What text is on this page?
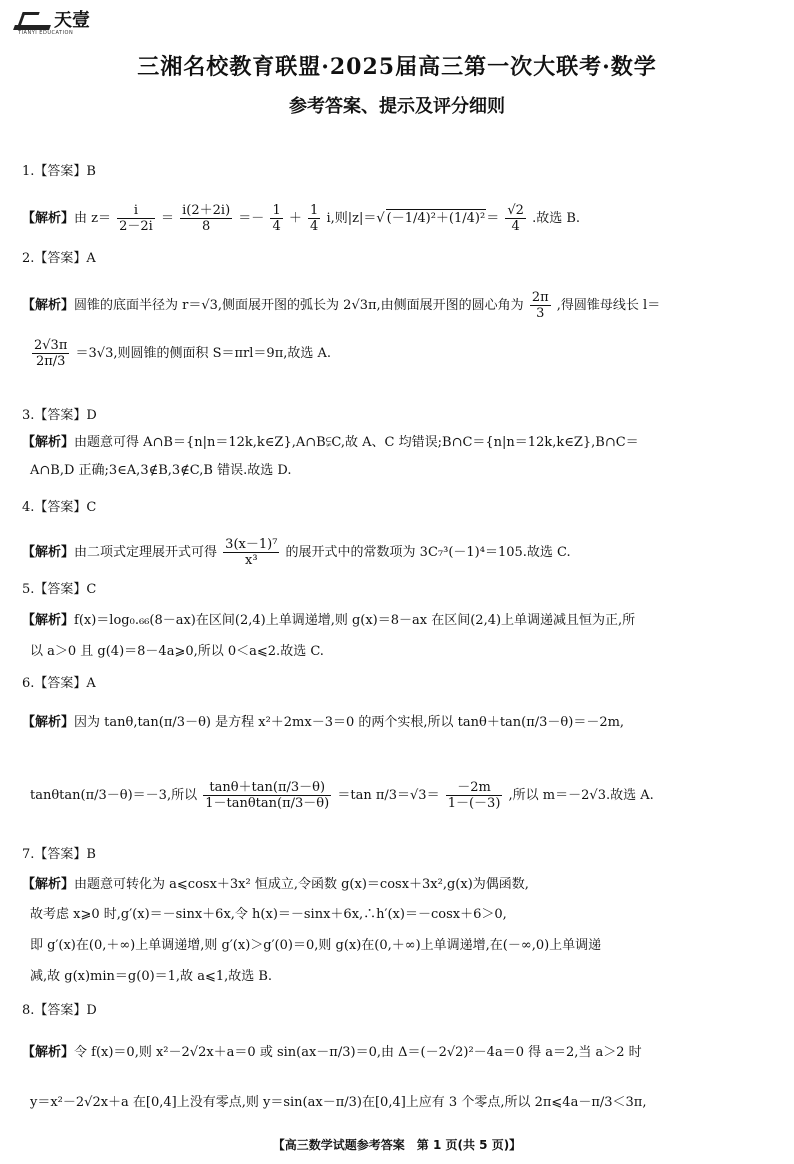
天壹
TIANYI EDUCATION
三湘名校教育联盟·2025届高三第一次大联考·数学
参考答案、提示及评分细则
1.【答案】B
【解析】由 $z= \frac{i}{2-2i} = \frac{i(2+2i)}{8} =- \frac{1}{4} + \frac{1}{4} i$,则|z|＝√ $(-1/4)^2+(1/4)^2= \frac{√2}{4}$ .故选 B.
2.【答案】A
【解析】圆锥的底面半径为 r＝√3,侧面展开图的弧长为 2√3π,由侧面展开图的圆心角为 $\frac{2\pi}{3}$ ,得圆锥母线长 l＝
$\frac{2√3\pi}{2\pi/3} =3√3$,则圆锥的侧面积 S＝πrl＝9π,故选 A.
3.【答案】D
【解析】由题意可得 A∩B＝{n|n＝12k,k∈Z},A∩B⫋C,故 A、C 均错误;B∩C＝{n|n＝12k,k∈Z},B∩C＝
A∩B,D 正确;3∈A,3∉B,3∉C,B 错误.故选 D.
4.【答案】C
【解析】由二项式定理展开式可得 $\frac{\text{3(x－1)⁷}}{\text{x³}}$ 的展开式中的常数项为 3C₇³(－1)⁴＝105.故选 C.
5.【答案】C
【解析】f(x)＝log₀.₆₆(8－ax)在区间(2,4)上单调递增,则 g(x)＝8－ax 在区间(2,4)上单调递减且恒为正,所
以 a＞0 且 g(4)＝8－4a⩾0,所以 0＜a⩽2.故选 C.
6.【答案】A
【解析】因为 tanθ,tan(π/3－θ) 是方程 x²＋2mx－3＝0 的两个实根,所以 tanθ＋tan(π/3－θ)＝－2m,
tanθtan(π/3－θ)＝－3,所以 $\frac{\tan\theta+\tan(\pi/3-\theta)}{1-\tan\theta\tan(\pi/3-\theta)} =\tan$ $\pi/3=√3= \frac{-2m}{1-(-3)}$ ,所以 m＝－2√3.故选 A.
7.【答案】B
【解析】由题意可转化为 a⩽cosx＋3x² 恒成立,令函数 g(x)＝cosx＋3x²,g(x)为偶函数,
故考虑 x⩾0 时,g′(x)＝－sinx＋6x,令 h(x)＝－sinx＋6x,∴h′(x)＝－cosx＋6＞0,
即 g′(x)在(0,＋∞)上单调递增,则 g′(x)＞g′(0)＝0,则 g(x)在(0,＋∞)上单调递增,在(－∞,0)上单调递
减,故 g(x)min＝g(0)＝1,故 a⩽1,故选 B.
8.【答案】D
【解析】令 f(x)＝0,则 x²－2√2x＋a＝0 或 sin(ax－π/3)＝0,由 Δ＝(－2√2)²－4a＝0 得 a＝2,当 a＞2 时
y＝x²－2√2x＋a 在[0,4]上没有零点,则 y＝sin(ax－π/3)在[0,4]上应有 3 个零点,所以 2π⩽4a－π/3＜3π,
【高三数学试题参考答案　第 1 页(共 5 页)】
